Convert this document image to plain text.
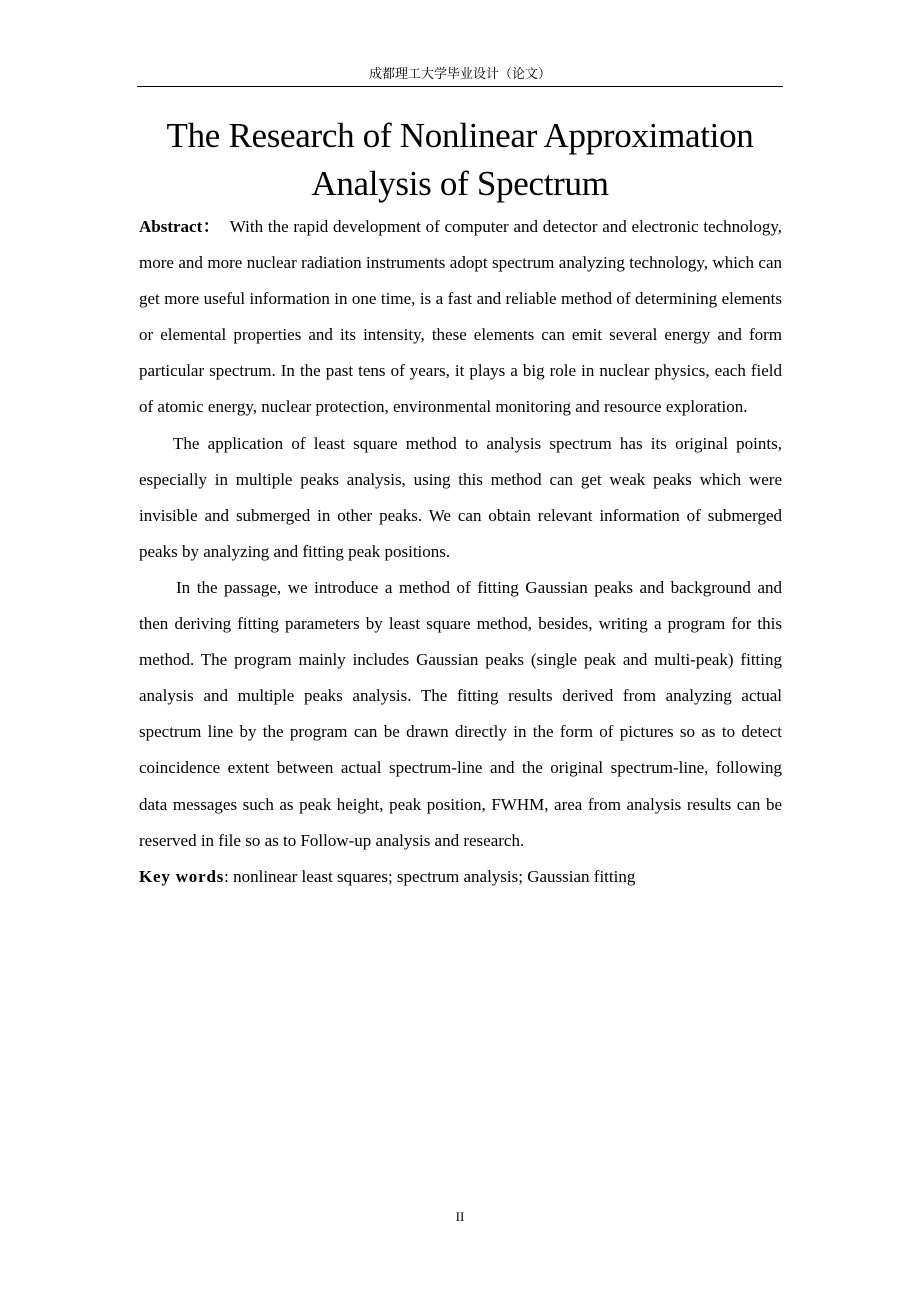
成都理工大学毕业设计（论文）
The Research of Nonlinear Approximation
Analysis of Spectrum

Abstract： With the rapid development of computer and detector and electronic technology, more and more nuclear radiation instruments adopt spectrum analyzing technology, which can get more useful information in one time, is a fast and reliable method of determining elements or elemental properties and its intensity, these elements can emit several energy and form particular spectrum. In the past tens of years, it plays a big role in nuclear physics, each field of atomic energy, nuclear protection, environmental monitoring and resource exploration.

The application of least square method to analysis spectrum has its original points, especially in multiple peaks analysis, using this method can get weak peaks which were invisible and submerged in other peaks. We can obtain relevant information of submerged peaks by analyzing and fitting peak positions.

In the passage, we introduce a method of fitting Gaussian peaks and background and then deriving fitting parameters by least square method, besides, writing a program for this method. The program mainly includes Gaussian peaks (single peak and multi-peak) fitting analysis and multiple peaks analysis. The fitting results derived from analyzing actual spectrum line by the program can be drawn directly in the form of pictures so as to detect coincidence extent between actual spectrum-line and the original spectrum-line, following data messages such as peak height, peak position, FWHM, area from analysis results can be reserved in file so as to Follow-up analysis and research.

Key words: nonlinear least squares; spectrum analysis; Gaussian fitting

II
